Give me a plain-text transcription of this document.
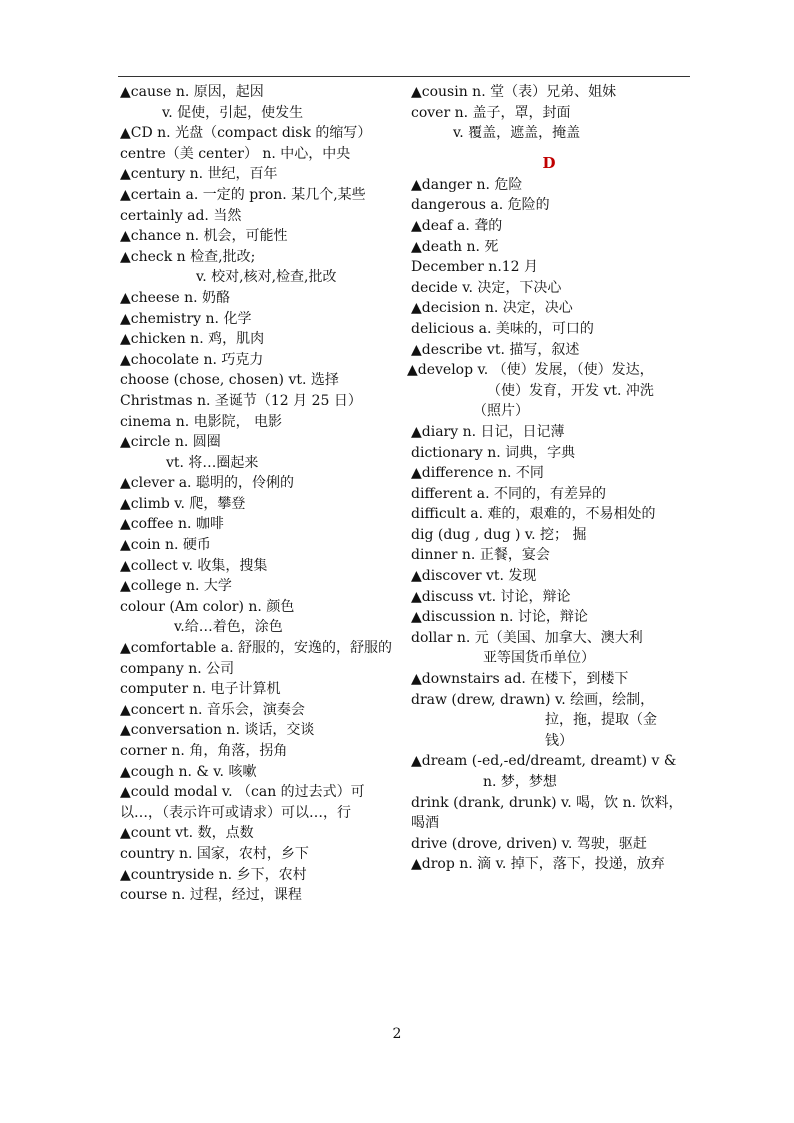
▲cause n. 原因，起因
v. 促使，引起，使发生
▲CD n. 光盘（compact disk 的缩写）
centre（美 center） n. 中心，中央
▲century n. 世纪，百年
▲certain a. 一定的 pron. 某几个,某些
certainly ad. 当然
▲chance n. 机会，可能性
▲check n 检查,批改;
v. 校对,核对,检查,批改
▲cheese n. 奶酪
▲chemistry n. 化学
▲chicken n. 鸡，肌肉
▲chocolate n. 巧克力
choose (chose, chosen) vt. 选择
Christmas n. 圣诞节（12 月 25 日）
cinema n. 电影院， 电影
▲circle n. 圆圈
vt. 将…圈起来
▲clever a. 聪明的，伶俐的
▲climb v. 爬，攀登
▲coffee n. 咖啡
▲coin n. 硬币
▲collect v. 收集，搜集
▲college n. 大学
colour (Am color) n. 颜色
v.给…着色，涂色
▲comfortable a. 舒服的，安逸的，舒服的
company n. 公司
computer n. 电子计算机
▲concert n. 音乐会，演奏会
▲conversation n. 谈话，交谈
corner n. 角，角落，拐角
▲cough n. & v. 咳嗽
▲could modal v. （can 的过去式）可以…，（表示许可或请求）可以…，行
▲count vt. 数，点数
country n. 国家，农村，乡下
▲countryside n. 乡下，农村
course n. 过程，经过，课程
▲cousin n. 堂（表）兄弟、姐妹
cover n. 盖子，罩，封面
v. 覆盖，遮盖，掩盖
D
▲danger n. 危险
dangerous a. 危险的
▲deaf a. 聋的
▲death n. 死
December n.12 月
decide v. 决定，下决心
▲decision n. 决定，决心
delicious a. 美味的，可口的
▲describe vt. 描写，叙述
▲develop v. （使）发展，（使）发达，
（使）发育，开发 vt. 冲洗
（照片）
▲diary n. 日记，日记薄
dictionary n. 词典，字典
▲difference n. 不同
different a. 不同的，有差异的
difficult a. 难的，艰难的，不易相处的
dig (dug , dug ) v. 挖； 掘
dinner n. 正餐，宴会
▲discover vt. 发现
▲discuss vt. 讨论，辩论
▲discussion n. 讨论，辩论
dollar n. 元（美国、加拿大、澳大利
亚等国货币单位）
▲downstairs ad. 在楼下，到楼下
draw (drew, drawn) v. 绘画，绘制，
拉，拖，提取（金
钱）
▲dream (-ed,-ed/dreamt, dreamt) v &
n. 梦，梦想
drink (drank, drunk) v. 喝，饮 n. 饮料，喝酒
drive (drove, driven) v. 驾驶，驱赶
▲drop n. 滴 v. 掉下，落下，投递，放弃
2
